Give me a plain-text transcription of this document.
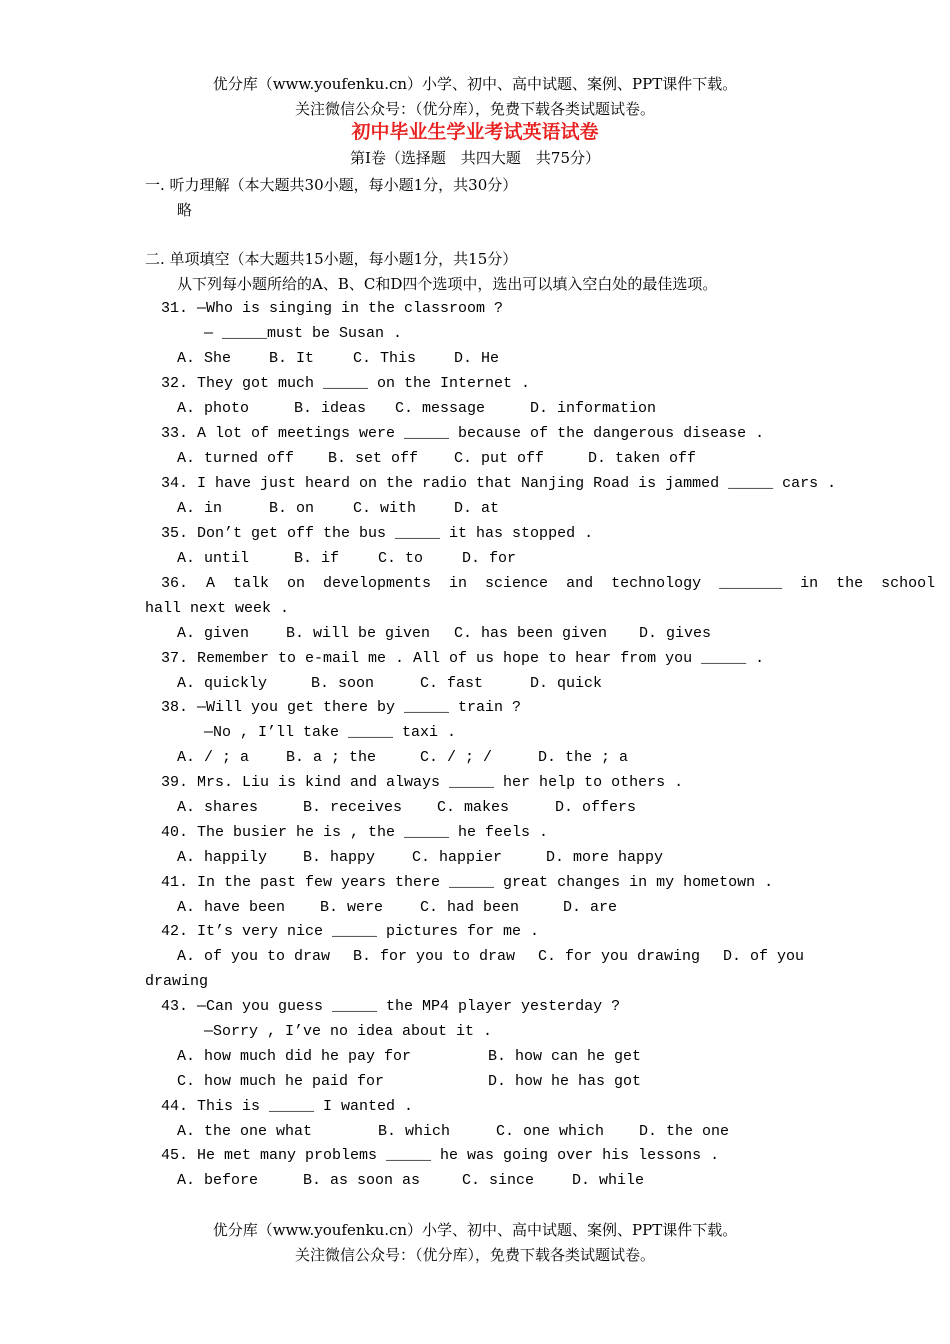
优分库（www.youfenku.cn）小学、初中、高中试题、案例、PPT课件下载。
关注微信公众号：（优分库），免费下载各类试题试卷。
初中毕业生学业考试英语试卷
第I卷（选择题　共四大题　共75分）
一. 听力理解（本大题共30小题，每小题1分，共30分）
略
二. 单项填空（本大题共15小题，每小题1分，共15分）
从下列每小题所给的A、B、C和D四个选项中，选出可以填入空白处的最佳选项。
31. —Who is singing in the classroom ?
— _____must be Susan .
A. She	B. It	C. This	D. He
32. They got much _____ on the Internet .
A. photo	B. ideas C. message	D. information
33. A lot of meetings were _____ because of the dangerous disease .
A. turned off B. set off C. put off	D. taken off
34. I have just heard on the radio that Nanjing Road is jammed _____ cars .
A. in	B. on	C. with	D. at
35. Don’t get off the bus _____ it has stopped .
A. until	B. if	C. to	D. for
36.  A  talk  on  developments  in  science  and  technology  _______  in  the  school
hall next week .
A. given B. will be given C. has been given D. gives
37. Remember to e-mail me . All of us hope to hear from you _____ .
A. quickly	B. soon	C. fast	D. quick
38. —Will you get there by _____ train ?
—No , I’ll take _____ taxi .
A. / ; a B. a ; the	C. / ; /	D. the ; a
39. Mrs. Liu is kind and always _____ her help to others .
A. shares	B. receives C. makes	D. offers
40. The busier he is , the _____ he feels .
A. happily B. happy C. happier	D. more happy
41. In the past few years there _____ great changes in my hometown .
A. have been B. were C. had been	D. are
42. It’s very nice _____ pictures for me .
A. of you to draw B. for you to draw C. for you drawing D. of you
drawing
43. —Can you guess _____ the MP4 player yesterday ?
—Sorry , I’ve no idea about it .
A. how much did he pay for	B. how can he get
C. how much he paid for	D. how he has got
44. This is _____ I wanted .
A. the one what	B. which	C. one which D. the one
45. He met many problems _____ he was going over his lessons .
A. before	B. as soon as	C. since	D. while
优分库（www.youfenku.cn）小学、初中、高中试题、案例、PPT课件下载。
关注微信公众号：（优分库），免费下载各类试题试卷。
